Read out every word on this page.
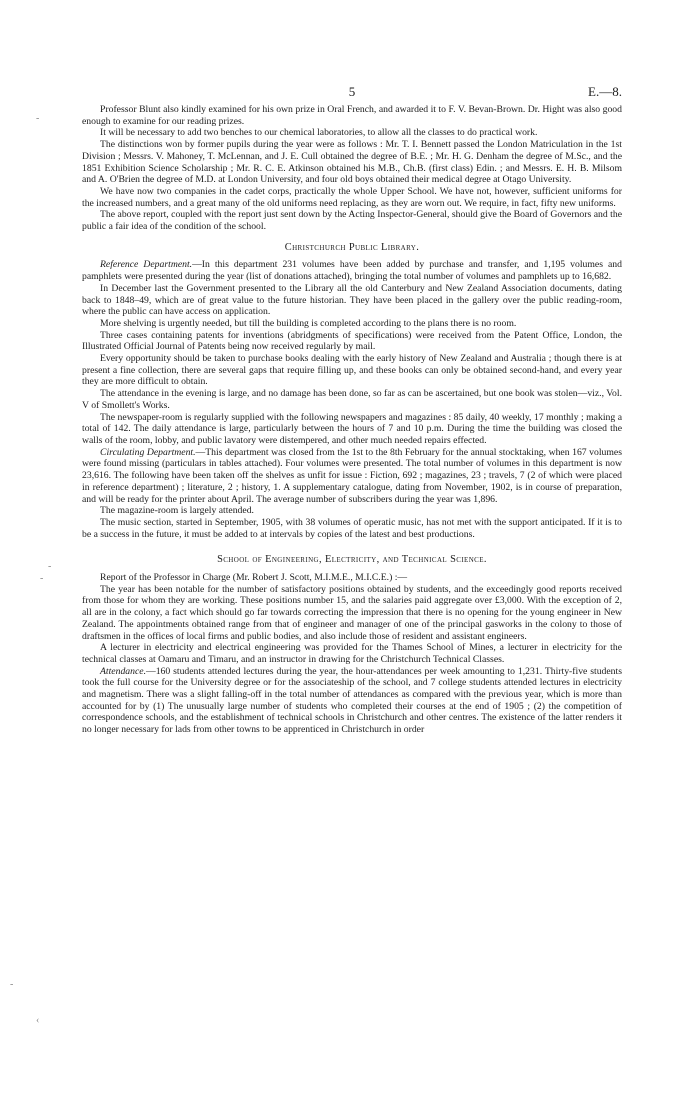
5	E.—8.
-
-
-
-
‹

Professor Blunt also kindly examined for his own prize in Oral French, and awarded it to F. V. Bevan-Brown. Dr. Hight was also good enough to examine for our reading prizes.

It will be necessary to add two benches to our chemical laboratories, to allow all the classes to do practical work.

The distinctions won by former pupils during the year were as follows : Mr. T. I. Bennett passed the London Matriculation in the 1st Division ; Messrs. V. Mahoney, T. McLennan, and J. E. Cull obtained the degree of B.E. ; Mr. H. G. Denham the degree of M.Sc., and the 1851 Exhibition Science Scholarship ; Mr. R. C. E. Atkinson obtained his M.B., Ch.B. (first class) Edin. ; and Messrs. E. H. B. Milsom and A. O'Brien the degree of M.D. at London University, and four old boys obtained their medical degree at Otago University.

We have now two companies in the cadet corps, practically the whole Upper School. We have not, however, sufficient uniforms for the increased numbers, and a great many of the old uniforms need replacing, as they are worn out. We require, in fact, fifty new uniforms.

The above report, coupled with the report just sent down by the Acting Inspector-General, should give the Board of Governors and the public a fair idea of the condition of the school.

Christchurch Public Library.

Reference Department.—In this department 231 volumes have been added by purchase and transfer, and 1,195 volumes and pamphlets were presented during the year (list of donations attached), bringing the total number of volumes and pamphlets up to 16,682.

In December last the Government presented to the Library all the old Canterbury and New Zealand Association documents, dating back to 1848–49, which are of great value to the future historian. They have been placed in the gallery over the public reading-room, where the public can have access on application.

More shelving is urgently needed, but till the building is completed according to the plans there is no room.

Three cases containing patents for inventions (abridgments of specifications) were received from the Patent Office, London, the Illustrated Official Journal of Patents being now received regularly by mail.

Every opportunity should be taken to purchase books dealing with the early history of New Zealand and Australia ; though there is at present a fine collection, there are several gaps that require filling up, and these books can only be obtained second-hand, and every year they are more difficult to obtain.

The attendance in the evening is large, and no damage has been done, so far as can be ascertained, but one book was stolen—viz., Vol. V of Smollett's Works.

The newspaper-room is regularly supplied with the following newspapers and magazines : 85 daily, 40 weekly, 17 monthly ; making a total of 142. The daily attendance is large, particularly between the hours of 7 and 10 p.m. During the time the building was closed the walls of the room, lobby, and public lavatory were distempered, and other much needed repairs effected.

Circulating Department.—This department was closed from the 1st to the 8th February for the annual stocktaking, when 167 volumes were found missing (particulars in tables attached). Four volumes were presented. The total number of volumes in this department is now 23,616. The following have been taken off the shelves as unfit for issue : Fiction, 692 ; magazines, 23 ; travels, 7 (2 of which were placed in reference department) ; literature, 2 ; history, 1. A supplementary catalogue, dating from November, 1902, is in course of preparation, and will be ready for the printer about April. The average number of subscribers during the year was 1,896.

The magazine-room is largely attended.

The music section, started in September, 1905, with 38 volumes of operatic music, has not met with the support anticipated. If it is to be a success in the future, it must be added to at intervals by copies of the latest and best productions.

School of Engineering, Electricity, and Technical Science.

Report of the Professor in Charge (Mr. Robert J. Scott, M.I.M.E., M.I.C.E.) :—

The year has been notable for the number of satisfactory positions obtained by students, and the exceedingly good reports received from those for whom they are working. These positions number 15, and the salaries paid aggregate over £3,000. With the exception of 2, all are in the colony, a fact which should go far towards correcting the impression that there is no opening for the young engineer in New Zealand. The appointments obtained range from that of engineer and manager of one of the principal gasworks in the colony to those of draftsmen in the offices of local firms and public bodies, and also include those of resident and assistant engineers.

A lecturer in electricity and electrical engineering was provided for the Thames School of Mines, a lecturer in electricity for the technical classes at Oamaru and Timaru, and an instructor in drawing for the Christchurch Technical Classes.

Attendance.—160 students attended lectures during the year, the hour-attendances per week amounting to 1,231. Thirty-five students took the full course for the University degree or for the associateship of the school, and 7 college students attended lectures in electricity and magnetism. There was a slight falling-off in the total number of attendances as compared with the previous year, which is more than accounted for by (1) The unusually large number of students who completed their courses at the end of 1905 ; (2) the competition of correspondence schools, and the establishment of technical schools in Christchurch and other centres. The existence of the latter renders it no longer necessary for lads from other towns to be apprenticed in Christchurch in order
